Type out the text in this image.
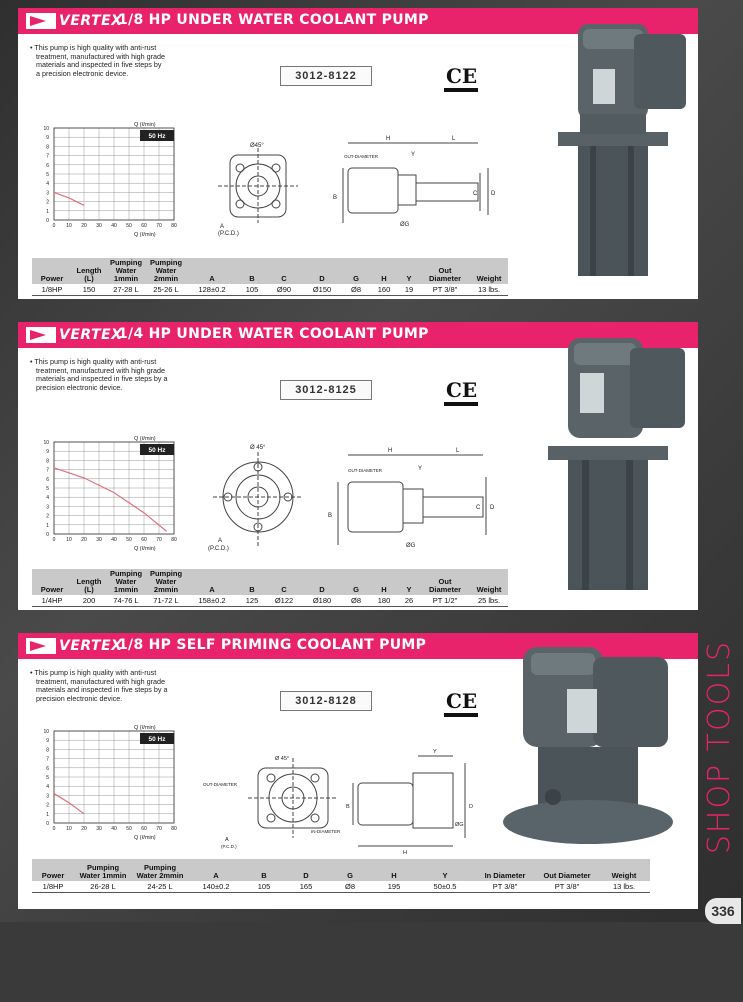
SHOP TOOLS
336
VERTEX
1/8 HP UNDER WATER COOLANT PUMP
• This pump is high quality with anti-rust
treatment, manufactured with high grade
materials and inspected in five steps by
a precision electronic device.	3012-8122	CE
0
1
2
3
4
5
6
7
8
9
10
0 10 20 30 40 50 60 70 80
50 Hz
Q (ℓ/min)
Q (ℓ/min)
Ø45°
A
(P.C.D.)
OUT-DIAMETER
H	L
Y
B
C D
ØG
Power	Length (L)	Pumping Water 1mmin	Pumping Water 2mmin	A	B	C	D	G	H	Y	Out Diameter	Weight
1/8HP	150	27-28 L	25-26 L	128±0.2	105	Ø90	Ø150	Ø8	160	19	PT 3/8"	13 lbs.
VERTEX
1/4 HP UNDER WATER COOLANT PUMP
• This pump is high quality with anti-rust
treatment, manufactured with high grade
materials and inspected in five steps by a
precision electronic device.	3012-8125	CE
0
1
2
3
4
5
6
7
8
9
10
0 10 20 30 40 50 60 70 80
50 Hz
Q (ℓ/min)
Q (ℓ/min)
Ø 45°
A
(P.C.D.)
OUT-DIAMETER
H	L
Y
B
C D
ØG
Power	Length (L)	Pumping Water 1mmin	Pumping Water 2mmin	A	B	C	D	G	H	Y	Out Diameter	Weight
1/4HP	200	74-76 L	71-72 L	158±0.2	125	Ø122	Ø180	Ø8	180	26	PT 1/2"	25 lbs.
VERTEX
1/8 HP SELF PRIMING COOLANT PUMP
• This pump is high quality with anti-rust
treatment, manufactured with high grade
materials and inspected in five steps by a
precision electronic device.	3012-8128	CE
0
1
2
3
4
5
6
7
8
9
10
0 10 20 30 40 50 60 70 80
50 Hz
Q (ℓ/min)
Q (ℓ/min)
Ø 45°
OUT-DIAMETER
IN-DIAMETER
A
(P.C.D.)
H
Y
B	D
ØG
Power	Pumping Water 1mmin	Pumping Water 2mmin	A	B	D	G	H	Y	In Diameter	Out Diameter	Weight
1/8HP	26-28 L	24-25 L	140±0.2	105	165	Ø8	195	50±0.5	PT 3/8"	PT 3/8"	13 lbs.
